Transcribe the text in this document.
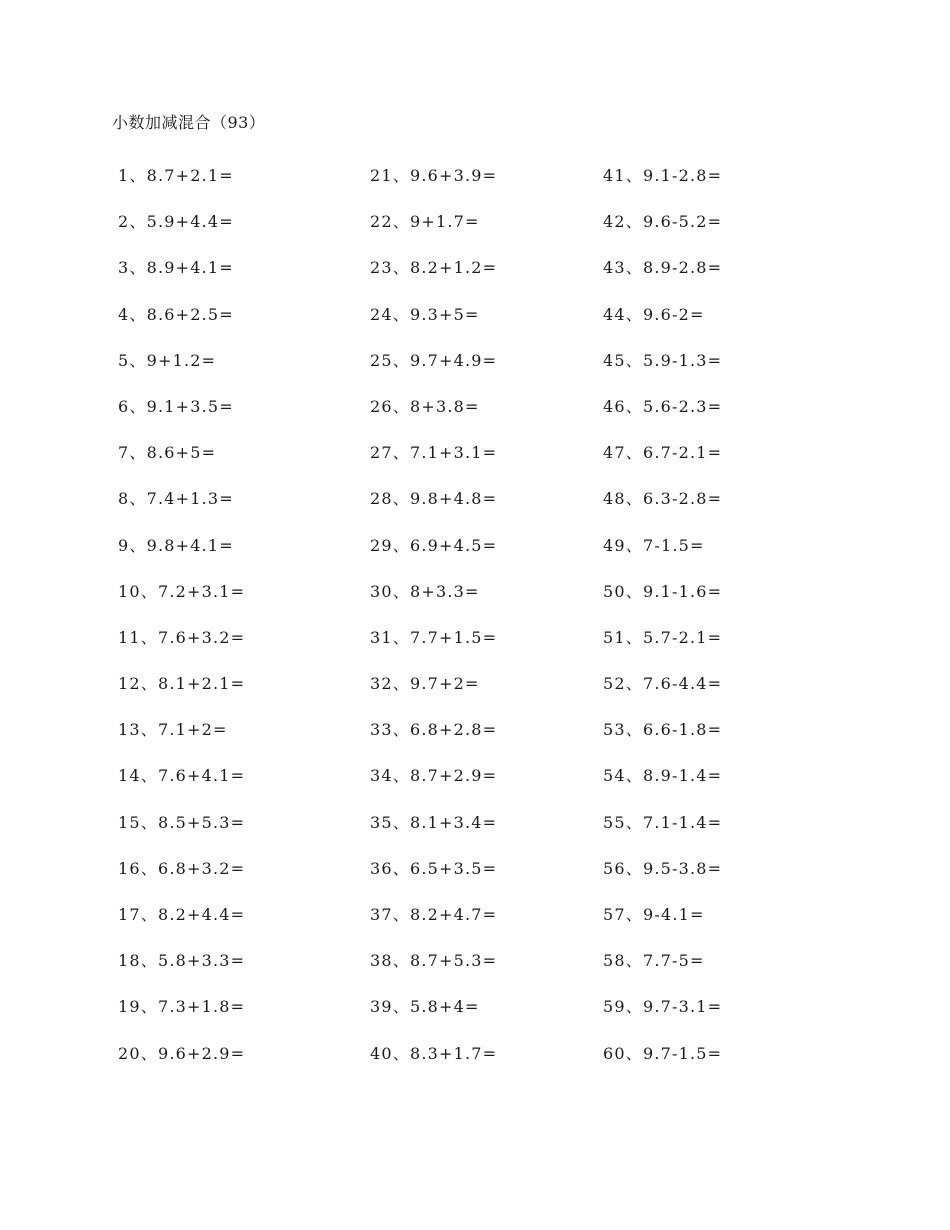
小数加减混合（93）
1、8.7+2.1=	21、9.6+3.9=	41、9.1-2.8=
2、5.9+4.4=	22、9+1.7=	42、9.6-5.2=
3、8.9+4.1=	23、8.2+1.2=	43、8.9-2.8=
4、8.6+2.5=	24、9.3+5=	44、9.6-2=
5、9+1.2=	25、9.7+4.9=	45、5.9-1.3=
6、9.1+3.5=	26、8+3.8=	46、5.6-2.3=
7、8.6+5=	27、7.1+3.1=	47、6.7-2.1=
8、7.4+1.3=	28、9.8+4.8=	48、6.3-2.8=
9、9.8+4.1=	29、6.9+4.5=	49、7-1.5=
10、7.2+3.1=	30、8+3.3=	50、9.1-1.6=
11、7.6+3.2=	31、7.7+1.5=	51、5.7-2.1=
12、8.1+2.1=	32、9.7+2=	52、7.6-4.4=
13、7.1+2=	33、6.8+2.8=	53、6.6-1.8=
14、7.6+4.1=	34、8.7+2.9=	54、8.9-1.4=
15、8.5+5.3=	35、8.1+3.4=	55、7.1-1.4=
16、6.8+3.2=	36、6.5+3.5=	56、9.5-3.8=
17、8.2+4.4=	37、8.2+4.7=	57、9-4.1=
18、5.8+3.3=	38、8.7+5.3=	58、7.7-5=
19、7.3+1.8=	39、5.8+4=	59、9.7-3.1=
20、9.6+2.9=	40、8.3+1.7=	60、9.7-1.5=
